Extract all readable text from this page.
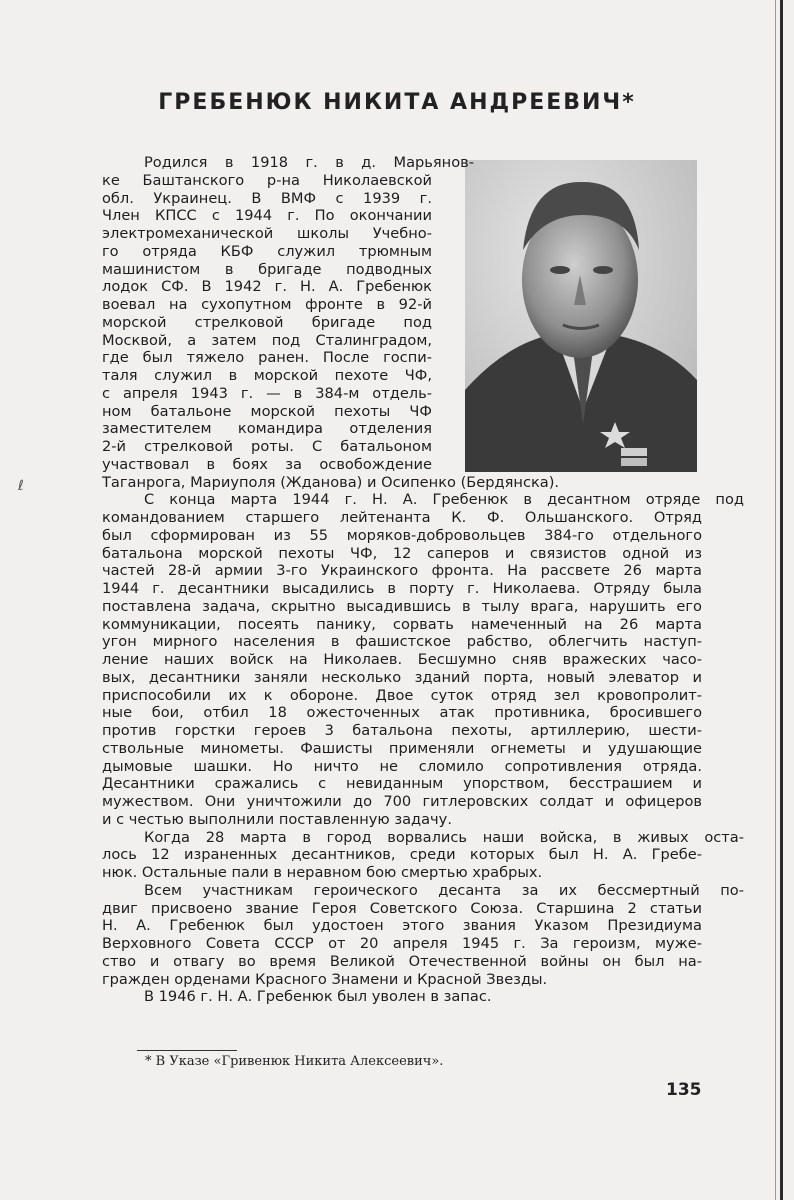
ℓ
ГРЕБЕНЮК НИКИТА АНДРЕЕВИЧ*
Родился в 1918 г. в д. Марьянов-
ке Баштанского р-на Николаевской
обл. Украинец. В ВМФ с 1939 г.
Член КПСС с 1944 г. По окончании
электромеханической школы Учебно-
го отряда КБФ служил трюмным
машинистом в бригаде подводных
лодок СФ. В 1942 г. Н. А. Гребенюк
воевал на сухопутном фронте в 92-й
морской стрелковой бригаде под
Москвой, а затем под Сталинградом,
где был тяжело ранен. После госпи-
таля служил в морской пехоте ЧФ,
с апреля 1943 г. — в 384-м отдель-
ном батальоне морской пехоты ЧФ
заместителем командира отделения
2-й стрелковой роты. С батальоном
участвовал в боях за освобождение
Таганрога, Мариуполя (Жданова) и Осипенко (Бердянска).
С конца марта 1944 г. Н. А. Гребенюк в десантном отряде под
командованием старшего лейтенанта К. Ф. Ольшанского. Отряд
был сформирован из 55 моряков-добровольцев 384-го отдельного
батальона морской пехоты ЧФ, 12 саперов и связистов одной из
частей 28-й армии 3-го Украинского фронта. На рассвете 26 марта
1944 г. десантники высадились в порту г. Николаева. Отряду была
поставлена задача, скрытно высадившись в тылу врага, нарушить его
коммуникации, посеять панику, сорвать намеченный на 26 марта
угон мирного населения в фашистское рабство, облегчить наступ-
ление наших войск на Николаев. Бесшумно сняв вражеских часо-
вых, десантники заняли несколько зданий порта, новый элеватор и
приспособили их к обороне. Двое суток отряд зел кровопролит-
ные бои, отбил 18 ожесточенных атак противника, бросившего
против горстки героев 3 батальона пехоты, артиллерию, шести-
ствольные минометы. Фашисты применяли огнеметы и удушающие
дымовые шашки. Но ничто не сломило сопротивления отряда.
Десантники сражались с невиданным упорством, бесстрашием и
мужеством. Они уничтожили до 700 гитлеровских солдат и офицеров
и с честью выполнили поставленную задачу.
Когда 28 марта в город ворвались наши войска, в живых оста-
лось 12 израненных десантников, среди которых был Н. А. Гребе-
нюк. Остальные пали в неравном бою смертью храбрых.
Всем участникам героического десанта за их бессмертный по-
двиг присвоено звание Героя Советского Союза. Старшина 2 статьи
Н. А. Гребенюк был удостоен этого звания Указом Президиума
Верховного Совета СССР от 20 апреля 1945 г. За героизм, муже-
ство и отвагу во время Великой Отечественной войны он был на-
гражден орденами Красного Знамени и Красной Звезды.
В 1946 г. Н. А. Гребенюк был уволен в запас.
* В Указе «Гривенюк Никита Алексеевич».
135
